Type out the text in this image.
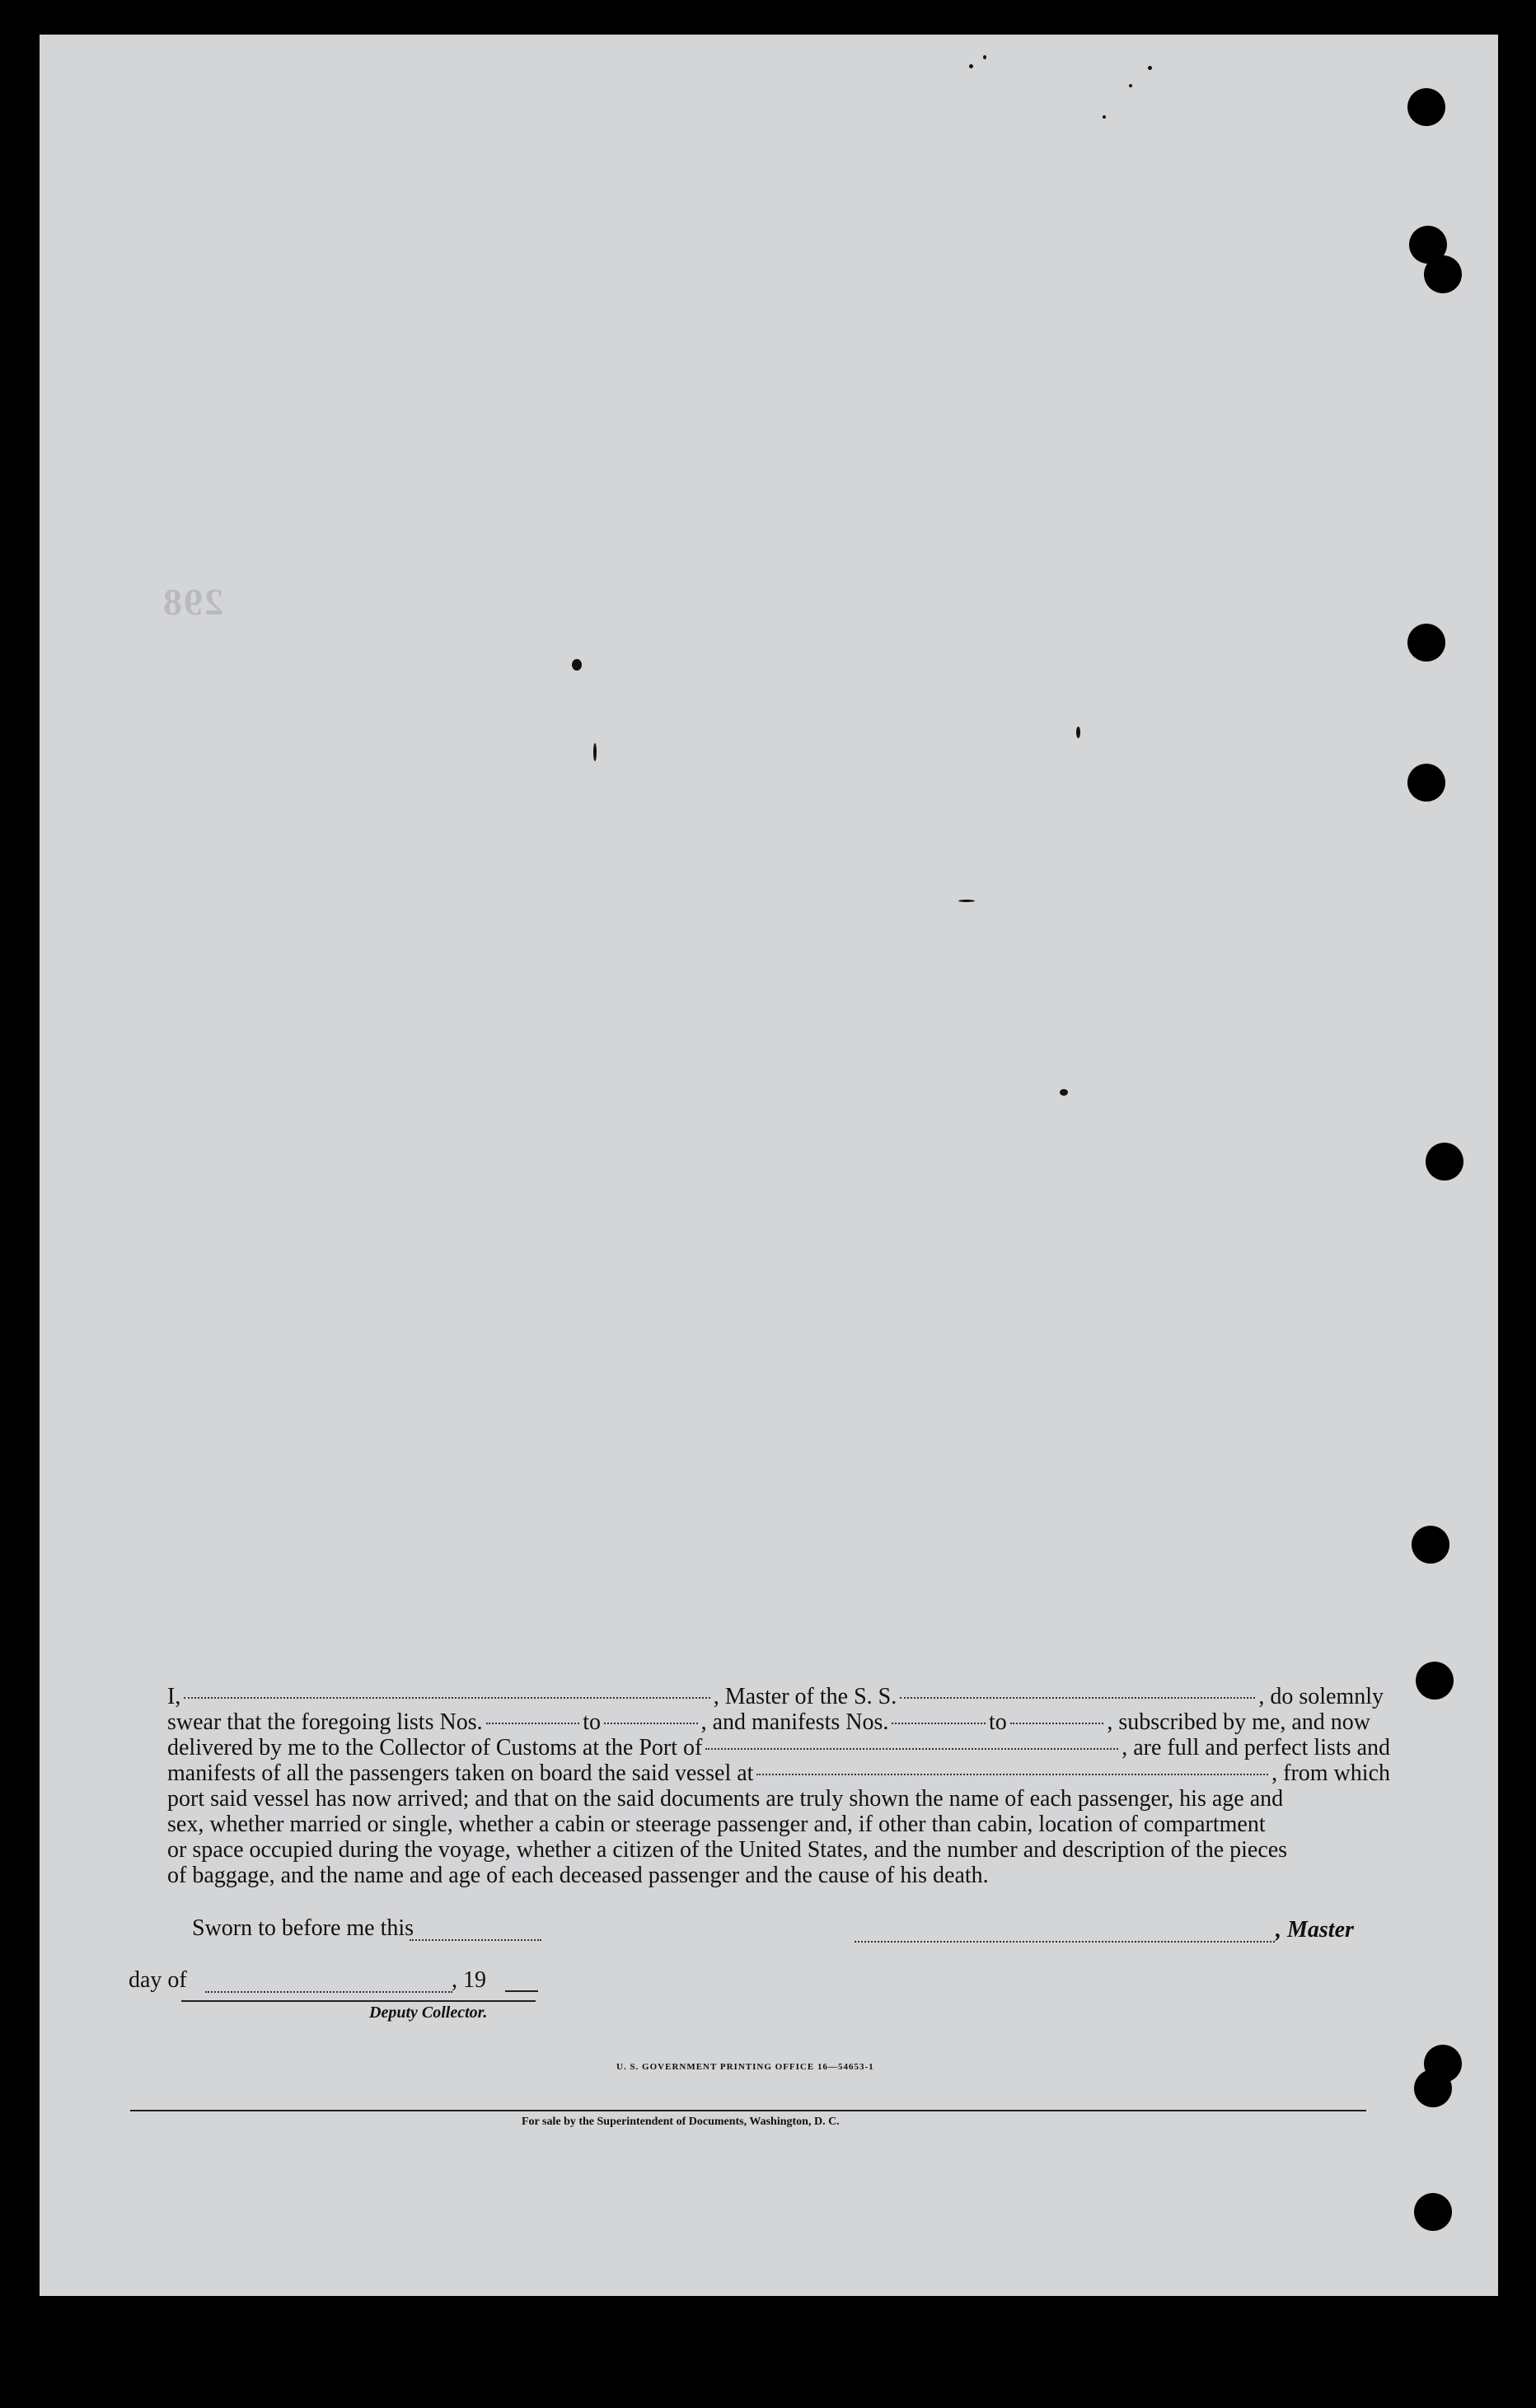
298
I,	, Master of the S. S.	, do solemnly
swear that the foregoing lists Nos.	to	, and manifests Nos.	to	, subscribed by me, and now
delivered by me to the Collector of Customs at the Port of	, are full and perfect lists and
manifests of all the passengers taken on board the said vessel at	, from which
port said vessel has now arrived; and that on the said documents are truly shown the name of each passenger, his age and
sex, whether married or single, whether a cabin or steerage passenger and, if other than cabin, location of compartment
or space occupied during the voyage, whether a citizen of the United States, and the number and description of the pieces
of baggage, and the name and age of each deceased passenger and the cause of his death.
Sworn to before me this	, Master
day of	, 19
Deputy Collector.
U. S. GOVERNMENT PRINTING OFFICE 16—54653-1
For sale by the Superintendent of Documents, Washington, D. C.
